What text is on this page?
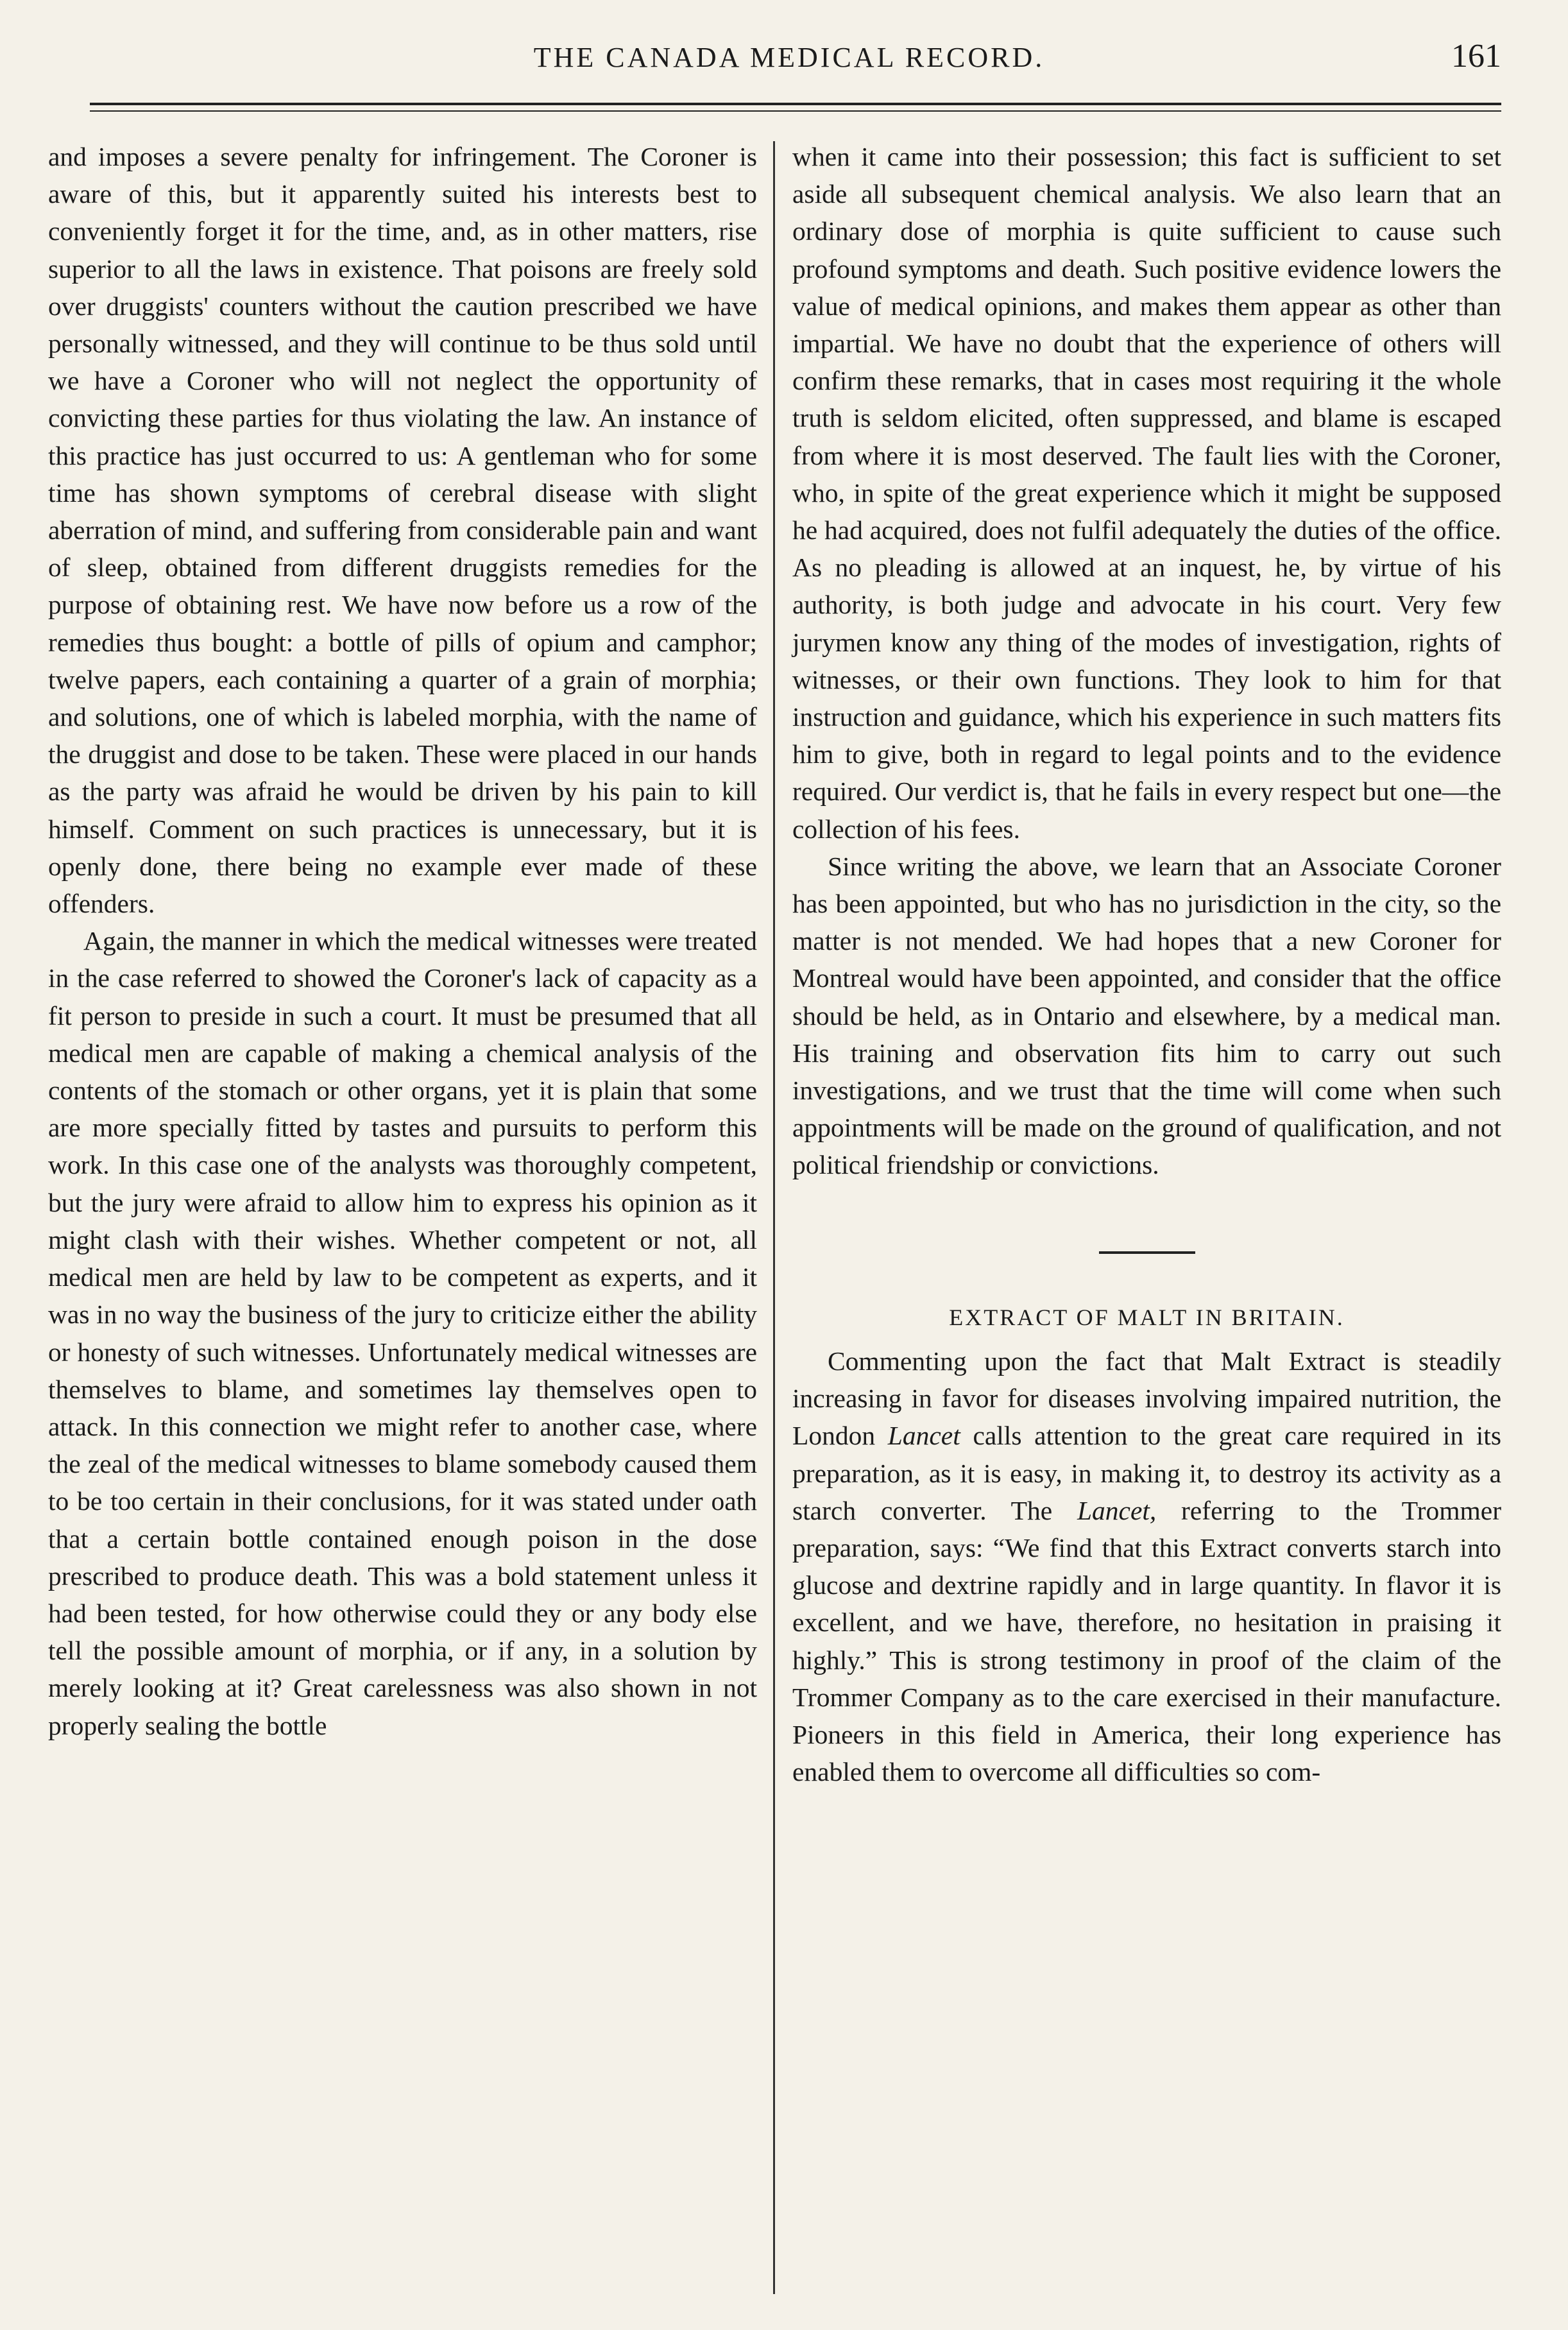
THE CANADA MEDICAL RECORD.	161

and imposes a severe penalty for infringement. The Coroner is aware of this, but it apparently suited his interests best to conveniently forget it for the time, and, as in other matters, rise superior to all the laws in existence. That poisons are freely sold over druggists' counters without the caution prescribed we have personally witnessed, and they will continue to be thus sold until we have a Coroner who will not neglect the opportunity of convicting these parties for thus violating the law. An instance of this practice has just occurred to us: A gentleman who for some time has shown symptoms of cerebral disease with slight aberration of mind, and suffering from considerable pain and want of sleep, obtained from different druggists remedies for the purpose of obtaining rest. We have now before us a row of the remedies thus bought: a bottle of pills of opium and camphor; twelve papers, each containing a quarter of a grain of morphia; and solutions, one of which is labeled morphia, with the name of the druggist and dose to be taken. These were placed in our hands as the party was afraid he would be driven by his pain to kill himself. Comment on such practices is unnecessary, but it is openly done, there being no example ever made of these offenders.

Again, the manner in which the medical witnesses were treated in the case referred to showed the Coroner's lack of capacity as a fit person to preside in such a court. It must be presumed that all medical men are capable of making a chemical analysis of the contents of the stomach or other organs, yet it is plain that some are more specially fitted by tastes and pursuits to perform this work. In this case one of the analysts was thoroughly competent, but the jury were afraid to allow him to express his opinion as it might clash with their wishes. Whether competent or not, all medical men are held by law to be competent as experts, and it was in no way the business of the jury to criticize either the ability or honesty of such witnesses. Unfortunately medical witnesses are themselves to blame, and sometimes lay themselves open to attack. In this connection we might refer to another case, where the zeal of the medical witnesses to blame somebody caused them to be too certain in their conclusions, for it was stated under oath that a certain bottle contained enough poison in the dose prescribed to produce death. This was a bold statement unless it had been tested, for how otherwise could they or any body else tell the possible amount of morphia, or if any, in a solution by merely looking at it? Great carelessness was also shown in not properly sealing the bottle

when it came into their possession; this fact is sufficient to set aside all subsequent chemical analysis. We also learn that an ordinary dose of morphia is quite sufficient to cause such profound symptoms and death. Such positive evidence lowers the value of medical opinions, and makes them appear as other than impartial. We have no doubt that the experience of others will confirm these remarks, that in cases most requiring it the whole truth is seldom elicited, often suppressed, and blame is escaped from where it is most deserved. The fault lies with the Coroner, who, in spite of the great experience which it might be supposed he had acquired, does not fulfil adequately the duties of the office. As no pleading is allowed at an inquest, he, by virtue of his authority, is both judge and advocate in his court. Very few jurymen know any thing of the modes of investigation, rights of witnesses, or their own functions. They look to him for that instruction and guidance, which his experience in such matters fits him to give, both in regard to legal points and to the evidence required. Our verdict is, that he fails in every respect but one—the collection of his fees.

Since writing the above, we learn that an Associate Coroner has been appointed, but who has no jurisdiction in the city, so the matter is not mended. We had hopes that a new Coroner for Montreal would have been appointed, and consider that the office should be held, as in Ontario and elsewhere, by a medical man. His training and observation fits him to carry out such investigations, and we trust that the time will come when such appointments will be made on the ground of qualification, and not political friendship or convictions.

EXTRACT OF MALT IN BRITAIN.

Commenting upon the fact that Malt Extract is steadily increasing in favor for diseases involving impaired nutrition, the London Lancet calls attention to the great care required in its preparation, as it is easy, in making it, to destroy its activity as a starch converter. The Lancet, referring to the Trommer preparation, says: “We find that this Extract converts starch into glucose and dextrine rapidly and in large quantity. In flavor it is excellent, and we have, therefore, no hesitation in praising it highly.” This is strong testimony in proof of the claim of the Trommer Company as to the care exercised in their manufacture. Pioneers in this field in America, their long experience has enabled them to overcome all difficulties so com-
